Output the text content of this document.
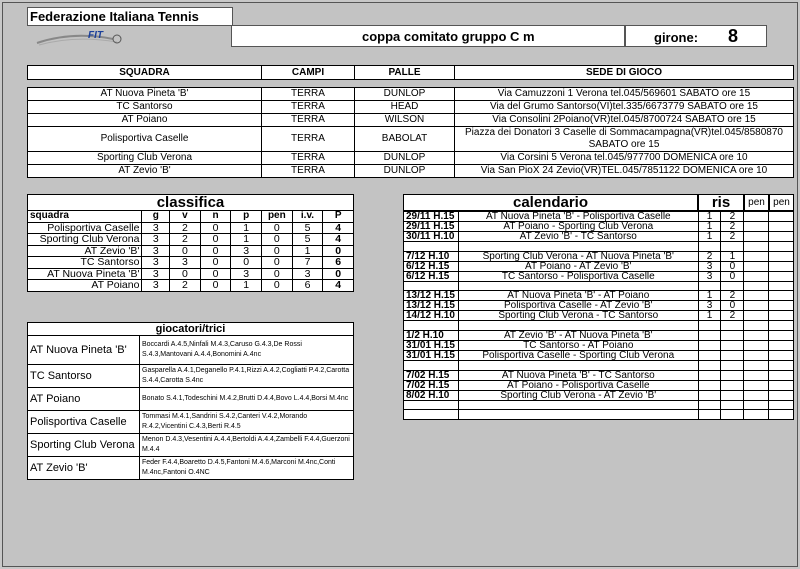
Federazione Italiana Tennis
FIT	coppa comitato gruppo C m	girone: 8
SQUADRA	CAMPI	PALLE	SEDE DI GIOCO
AT Nuova Pineta 'B'	TERRA	DUNLOP	Via Camuzzoni 1 Verona tel.045/569601 SABATO ore 15
TC Santorso	TERRA	HEAD	Via del Grumo Santorso(VI)tel.335/6673779 SABATO ore 15
AT Poiano	TERRA	WILSON	Via Consolini 2Poiano(VR)tel.045/8700724 SABATO ore 15
Polisportiva Caselle	TERRA	BABOLAT	Piazza dei Donatori 3 Caselle di Sommacampagna(VR)tel.045/8580870 SABATO ore 15
Sporting Club Verona	TERRA	DUNLOP	Via Corsini 5 Verona tel.045/977700 DOMENICA ore 10
AT Zevio 'B'	TERRA	DUNLOP	Via San PioX 24 Zevio(VR)TEL.045/7851122 DOMENICA ore 10
classifica
squadra	g	v	n	p	pen	i.v.	P
Polisportiva Caselle	3	2	0	1	0	5	4
Sporting Club Verona	3	2	0	1	0	5	4
AT Zevio 'B'	3	0	0	3	0	1	0
TC Santorso	3	3	0	0	0	7	6
AT Nuova Pineta 'B'	3	0	0	3	0	3	0
AT Poiano	3	2	0	1	0	6	4
giocatori/trici
AT Nuova Pineta 'B'	Boccardi A.4.5,Ninfali M.4.3,Caruso G.4.3,De Rossi S.4.3,Mantovani A.4.4,Bonomini A.4nc
TC Santorso	Gasparella A.4.1,Deganello P.4.1,Rizzi A.4.2,Cogliatti P.4.2,Carotta S.4.4,Carotta S.4nc
AT Poiano	Bonato S.4.1,Todeschini M.4.2,Brutti D.4.4,Bovo L.4.4,Borsi M.4nc
Polisportiva Caselle	Tommasi M.4.1,Sandrini S.4.2,Canteri V.4.2,Morando R.4.2,Vicentini C.4.3,Berti R.4.5
Sporting Club Verona	Menon D.4.3,Vesentini A.4.4,Bertoldi A.4.4,Zambelli F.4.4,Guerzoni M.4.4
AT Zevio 'B'	Feder F.4.4,Boaretto D.4.5,Fantoni M.4.6,Marconi M.4nc,Conti M.4nc,Fantoni O.4NC
calendario	ris	pen pen
29/11 H.15	AT Nuova Pineta 'B' - Polisportiva Caselle	1	2		
29/11 H.15	AT Poiano - Sporting Club Verona	1	2		
30/11 H.10	AT Zevio 'B' - TC Santorso	1	2		

7/12 H.10	Sporting Club Verona - AT Nuova Pineta 'B'	2	1		
6/12 H.15	AT Poiano - AT Zevio 'B'	3	0		
6/12 H.15	TC Santorso - Polisportiva Caselle	3	0		

13/12 H.15	AT Nuova Pineta 'B' - AT Poiano	1	2		
13/12 H.15	Polisportiva Caselle - AT Zevio 'B'	3	0		
14/12 H.10	Sporting Club Verona - TC Santorso	1	2		

1/2 H.10	AT Zevio 'B' - AT Nuova Pineta 'B'				
31/01 H.15	TC Santorso - AT Poiano				
31/01 H.15	Polisportiva Caselle - Sporting Club Verona				

7/02 H.15	AT Nuova Pineta 'B' - TC Santorso				
7/02 H.15	AT Poiano - Polisportiva Caselle				
8/02 H.10	Sporting Club Verona - AT Zevio 'B'				
